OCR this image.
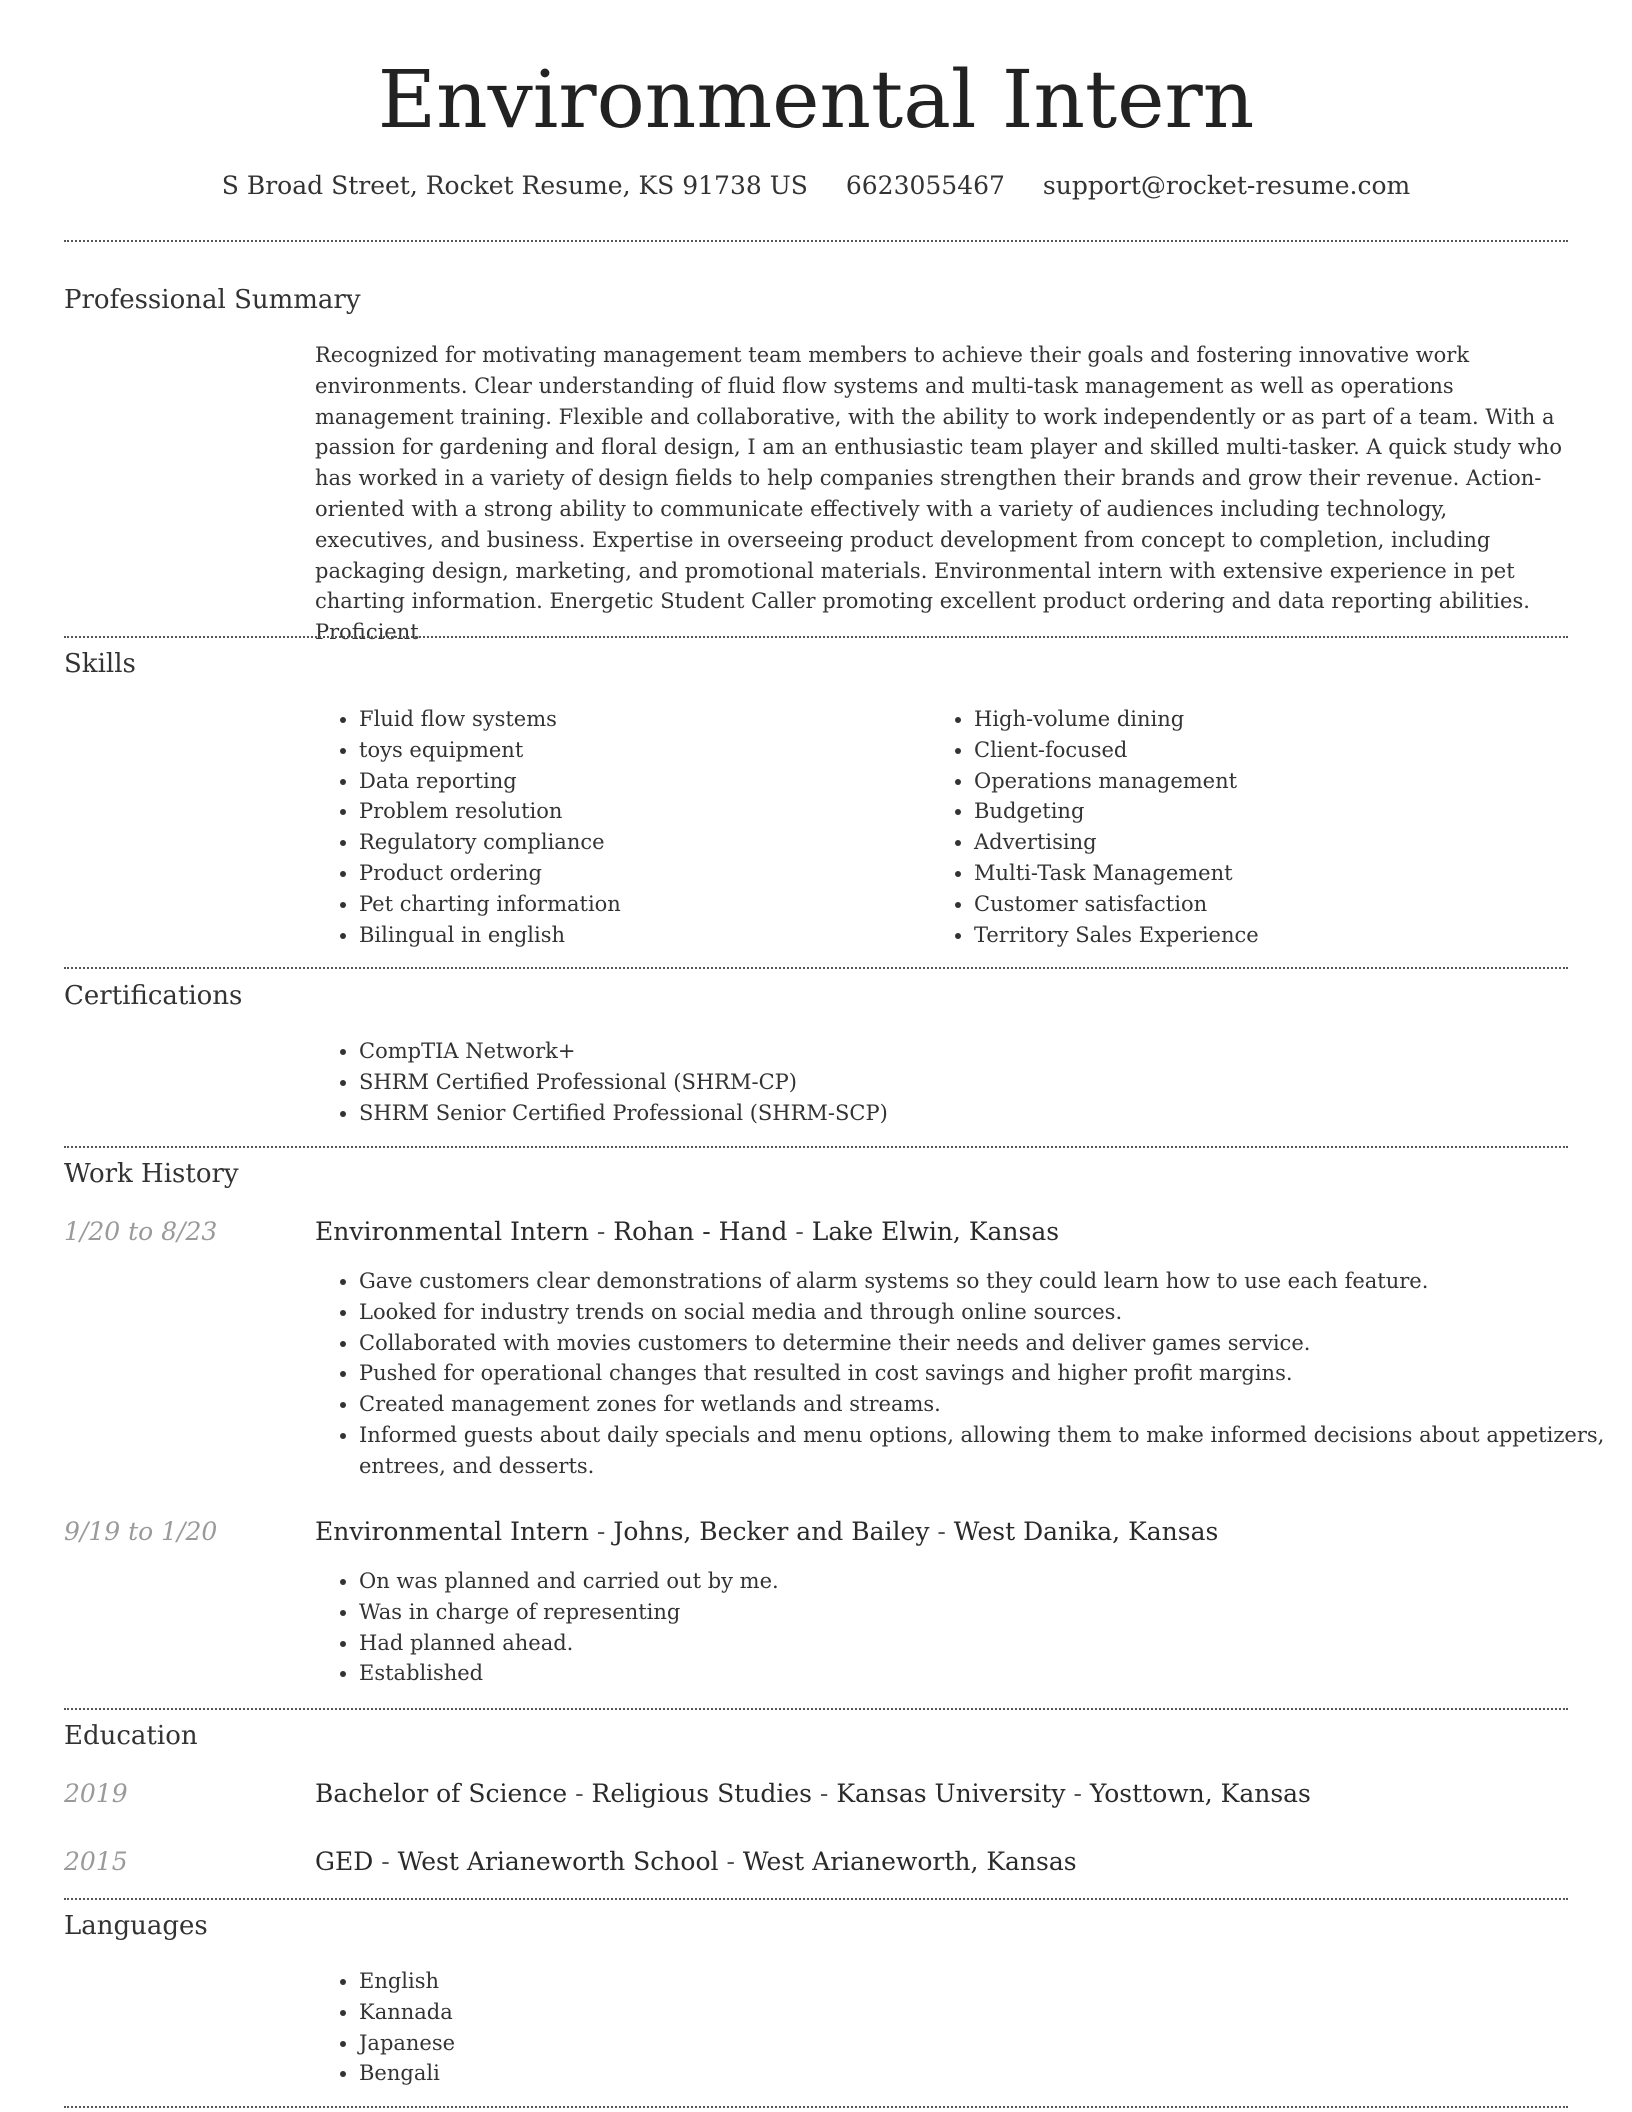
Environmental Intern
S Broad Street, Rocket Resume, KS 91738 US 6623055467 support@rocket-resume.com
Professional Summary

Recognized for motivating management team members to achieve their goals and fostering innovative work environments. Clear understanding of fluid flow systems and multi-task management as well as operations management training. Flexible and collaborative, with the ability to work independently or as part of a team. With a passion for gardening and floral design, I am an enthusiastic team player and skilled multi-tasker. A quick study who has worked in a variety of design fields to help companies strengthen their brands and grow their revenue. Action-oriented with a strong ability to communicate effectively with a variety of audiences including technology, executives, and business. Expertise in overseeing product development from concept to completion, including packaging design, marketing, and promotional materials. Environmental intern with extensive experience in pet charting information. Energetic Student Caller promoting excellent product ordering and data reporting abilities. Proficient

Skills
• Fluid flow systems
• toys equipment
• Data reporting
• Problem resolution
• Regulatory compliance
• Product ordering
• Pet charting information
• Bilingual in english
• High-volume dining
• Client-focused
• Operations management
• Budgeting
• Advertising
• Multi-Task Management
• Customer satisfaction
• Territory Sales Experience
Certifications
• CompTIA Network+
• SHRM Certified Professional (SHRM-CP)
• SHRM Senior Certified Professional (SHRM-SCP)
Work History
1/20 to 8/23	Environmental Intern - Rohan - Hand - Lake Elwin, Kansas
• Gave customers clear demonstrations of alarm systems so they could learn how to use each feature.
• Looked for industry trends on social media and through online sources.
• Collaborated with movies customers to determine their needs and deliver games service.
• Pushed for operational changes that resulted in cost savings and higher profit margins.
• Created management zones for wetlands and streams.
• Informed guests about daily specials and menu options, allowing them to make informed decisions about appetizers, entrees, and desserts.
9/19 to 1/20	Environmental Intern - Johns, Becker and Bailey - West Danika, Kansas
• On was planned and carried out by me.
• Was in charge of representing
• Had planned ahead.
• Established
Education
2019	Bachelor of Science - Religious Studies - Kansas University - Yosttown, Kansas
2015	GED - West Arianeworth School - West Arianeworth, Kansas
Languages
• English
• Kannada
• Japanese
• Bengali
